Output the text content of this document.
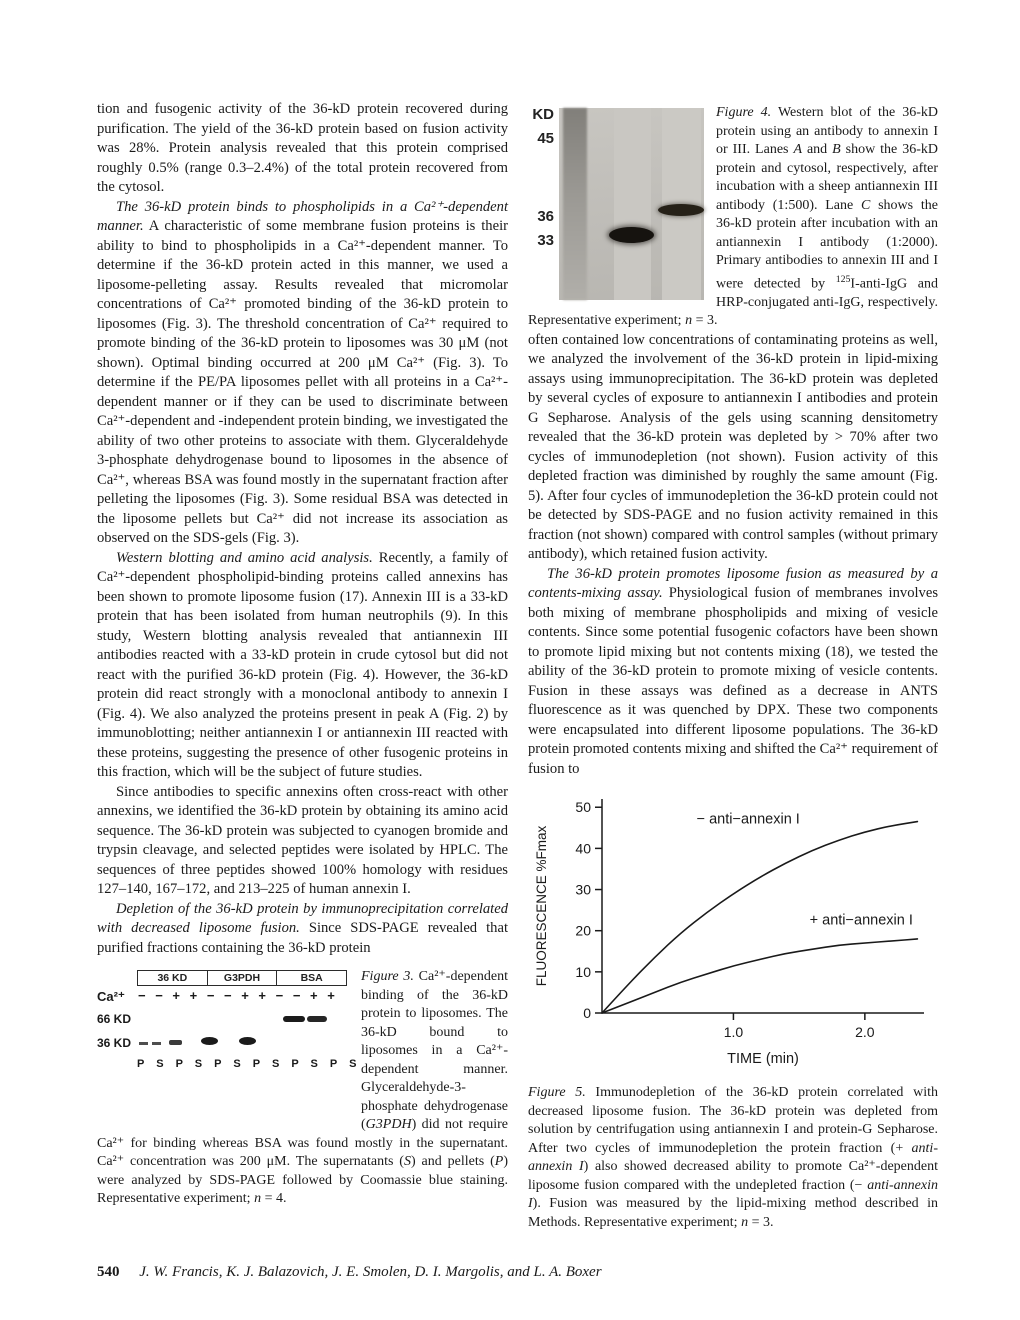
tion and fusogenic activity of the 36-kD protein recovered during purification. The yield of the 36-kD protein based on fusion activity was 28%. Protein analysis revealed that this protein comprised roughly 0.5% (range 0.3–2.4%) of the total protein recovered from the cytosol.

The 36-kD protein binds to phospholipids in a Ca²⁺-dependent manner. A characteristic of some membrane fusion proteins is their ability to bind to phospholipids in a Ca²⁺-dependent manner. To determine if the 36-kD protein acted in this manner, we used a liposome-pelleting assay. Results revealed that micromolar concentrations of Ca²⁺ promoted binding of the 36-kD protein to liposomes (Fig. 3). The threshold concentration of Ca²⁺ required to promote binding of the 36-kD protein to liposomes was 30 μM (not shown). Optimal binding occurred at 200 μM Ca²⁺ (Fig. 3). To determine if the PE/PA liposomes pellet with all proteins in a Ca²⁺-dependent manner or if they can be used to discriminate between Ca²⁺-dependent and -independent protein binding, we investigated the ability of two other proteins to associate with them. Glyceraldehyde 3-phosphate dehydrogenase bound to liposomes in the absence of Ca²⁺, whereas BSA was found mostly in the supernatant fraction after pelleting the liposomes (Fig. 3). Some residual BSA was detected in the liposome pellets but Ca²⁺ did not increase its association as observed on the SDS-gels (Fig. 3).

Western blotting and amino acid analysis. Recently, a family of Ca²⁺-dependent phospholipid-binding proteins called annexins has been shown to promote liposome fusion (17). Annexin III is a 33-kD protein that has been isolated from human neutrophils (9). In this study, Western blotting analysis revealed that antiannexin III antibodies reacted with a 33-kD protein in crude cytosol but did not react with the purified 36-kD protein (Fig. 4). However, the 36-kD protein did react strongly with a monoclonal antibody to annexin I (Fig. 4). We also analyzed the proteins present in peak A (Fig. 2) by immunoblotting; neither antiannexin I or antiannexin III reacted with these proteins, suggesting the presence of other fusogenic proteins in this fraction, which will be the subject of future studies.

Since antibodies to specific annexins often cross-react with other annexins, we identified the 36-kD protein by obtaining its amino acid sequence. The 36-kD protein was subjected to cyanogen bromide and trypsin cleavage, and selected peptides were isolated by HPLC. The sequences of three peptides showed 100% homology with residues 127–140, 167–172, and 213–225 of human annexin I.

Depletion of the 36-kD protein by immunoprecipitation correlated with decreased liposome fusion. Since SDS-PAGE revealed that purified fractions containing the 36-kD protein

36 KD	G3PDH	BSA
Ca²⁺ − − + + − − + + − − + +
66 KD
36 KD
P S P S P S P S P S P S
Figure 3. Ca²⁺-dependent binding of the 36-kD protein to liposomes. The 36-kD bound to liposomes in a Ca²⁺-dependent manner. Glyceraldehyde-3-phosphate dehydrogenase (G3PDH) did not require Ca²⁺ for binding whereas BSA was found mostly in the supernatant. Ca²⁺ concentration was 200 μM. The supernatants (S) and pellets (P) were analyzed by SDS-PAGE followed by Coomassie blue staining. Representative experiment; n = 4.
KD
45
36
33
Figure 4. Western blot of the 36-kD protein using an antibody to annexin I or III. Lanes A and B show the 36-kD protein and cytosol, respectively, after incubation with a sheep antiannexin III antibody (1:500). Lane C shows the 36-kD protein after incubation with an antiannexin I antibody (1:2000). Primary antibodies to annexin III and I were detected by $^{125}$I-anti-IgG and HRP-conjugated anti-IgG, respectively. Representative experiment; n = 3.

often contained low concentrations of contaminating proteins as well, we analyzed the involvement of the 36-kD protein in lipid-mixing assays using immunoprecipitation. The 36-kD protein was depleted by several cycles of exposure to antiannexin I antibodies and protein G Sepharose. Analysis of the gels using scanning densitometry revealed that the 36-kD protein was depleted by > 70% after two cycles of immunodepletion (not shown). Fusion activity of this depleted fraction was diminished by roughly the same amount (Fig. 5). After four cycles of immunodepletion the 36-kD protein could not be detected by SDS-PAGE and no fusion activity remained in this fraction (not shown) compared with control samples (without primary antibody), which retained fusion activity.

The 36-kD protein promotes liposome fusion as measured by a contents-mixing assay. Physiological fusion of membranes involves both mixing of membrane phospholipids and mixing of vesicle contents. Since some potential fusogenic cofactors have been shown to promote lipid mixing but not contents mixing (18), we tested the ability of the 36-kD protein to promote mixing of vesicle contents. Fusion in these assays was defined as a decrease in ANTS fluorescence as it was quenched by DPX. These two components were encapsulated into different liposome populations. The 36-kD protein promoted contents mixing and shifted the Ca²⁺ requirement of fusion to

0
10
20
30
40
50
1.0	2.0
TIME (min)
FLUORESCENCE %Fmax
− anti−annexin I
+ anti−annexin I
Figure 5. Immunodepletion of the 36-kD protein correlated with decreased liposome fusion. The 36-kD protein was depleted from solution by centrifugation using antiannexin I and protein-G Sepharose. After two cycles of immunodepletion the protein fraction (+ anti-annexin I) also showed decreased ability to promote Ca²⁺-dependent liposome fusion compared with the undepleted fraction (− anti-annexin I). Fusion was measured by the lipid-mixing method described in Methods. Representative experiment; n = 3.
540 J. W. Francis, K. J. Balazovich, J. E. Smolen, D. I. Margolis, and L. A. Boxer
